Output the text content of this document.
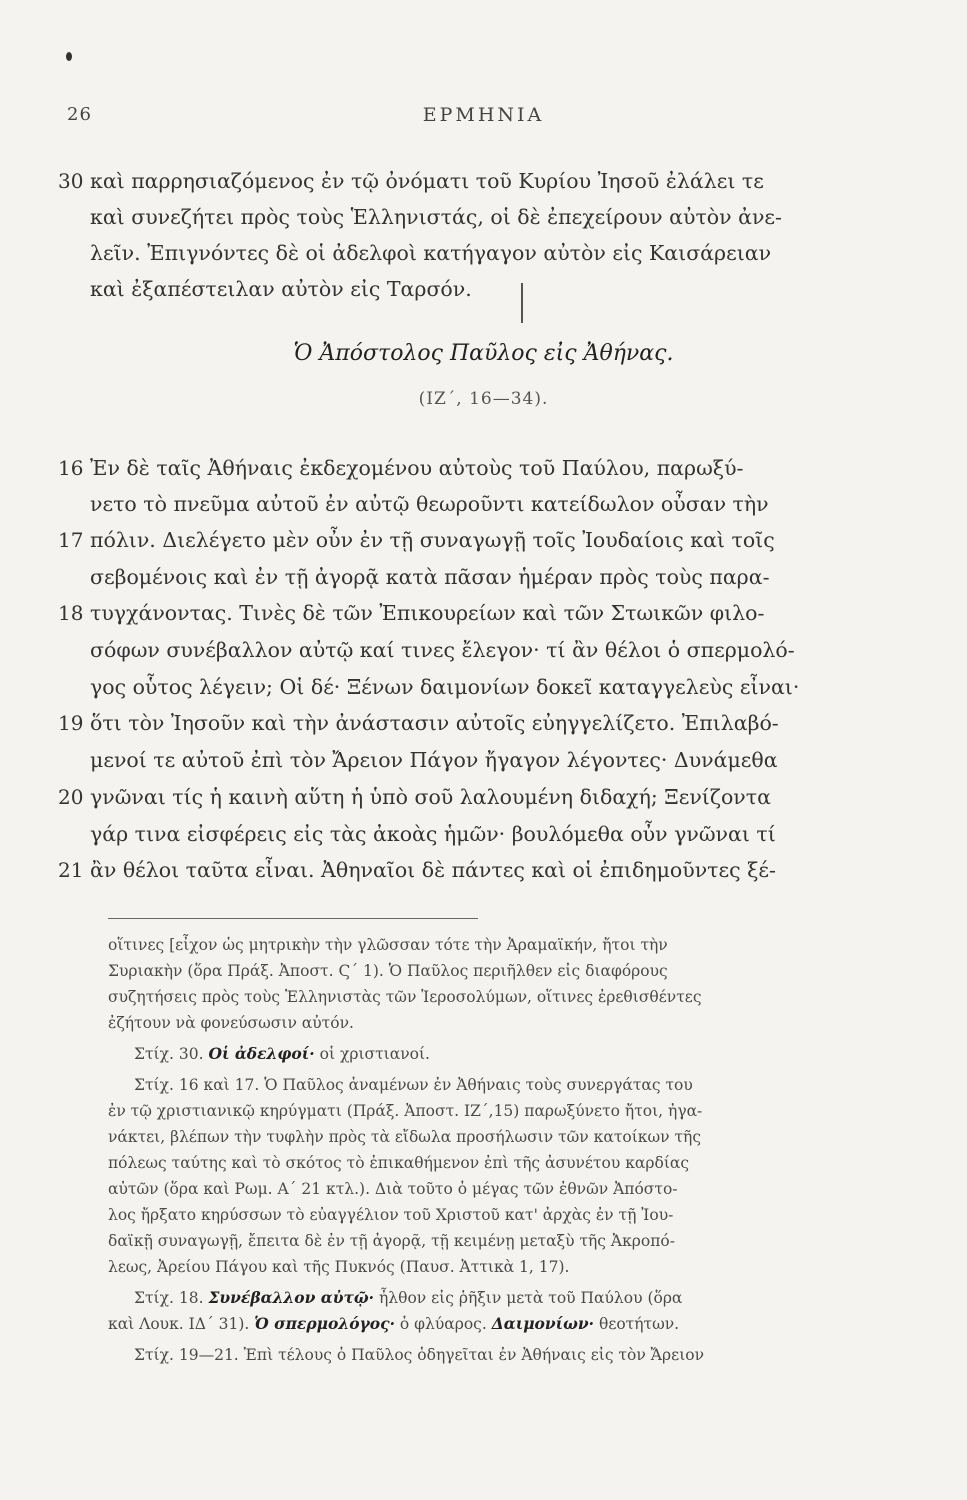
26	ΕΡΜΗΝΙΑ
30 καὶ παρρησιαζόμενος ἐν τῷ ὀνόματι τοῦ Κυρίου Ἰησοῦ ἐλάλει τε
καὶ συνεζήτει πρὸς τοὺς Ἑλληνιστάς, οἱ δὲ ἐπεχείρουν αὐτὸν ἀνε-
λεῖν. Ἐπιγνόντες δὲ οἱ ἀδελφοὶ κατήγαγον αὐτὸν εἰς Καισάρειαν
καὶ ἐξαπέστειλαν αὐτὸν εἰς Ταρσόν.
Ὁ Ἀπόστολος Παῦλος εἰς Ἀθήνας.
(ΙΖ΄, 16—34).
16 Ἐν δὲ ταῖς Ἀθήναις ἐκδεχομένου αὐτοὺς τοῦ Παύλου, παρωξύ-
νετο τὸ πνεῦμα αὐτοῦ ἐν αὐτῷ θεωροῦντι κατείδωλον οὖσαν τὴν
17 πόλιν. Διελέγετο μὲν οὖν ἐν τῇ συναγωγῇ τοῖς Ἰουδαίοις καὶ τοῖς
σεβομένοις καὶ ἐν τῇ ἀγορᾷ κατὰ πᾶσαν ἡμέραν πρὸς τοὺς παρα-
18 τυγχάνοντας. Τινὲς δὲ τῶν Ἐπικουρείων καὶ τῶν Στωικῶν φιλο-
σόφων συνέβαλλον αὐτῷ καί τινες ἔλεγον· τί ἂν θέλοι ὁ σπερμολό-
γος οὗτος λέγειν; Οἱ δέ· Ξένων δαιμονίων δοκεῖ καταγγελεὺς εἶναι·
19 ὅτι τὸν Ἰησοῦν καὶ τὴν ἀνάστασιν αὐτοῖς εὐηγγελίζετο. Ἐπιλαβό-
μενοί τε αὐτοῦ ἐπὶ τὸν Ἄρειον Πάγον ἤγαγον λέγοντες· Δυνάμεθα
20 γνῶναι τίς ἡ καινὴ αὕτη ἡ ὑπὸ σοῦ λαλουμένη διδαχή; Ξενίζοντα
γάρ τινα εἰσφέρεις εἰς τὰς ἀκοὰς ἡμῶν· βουλόμεθα οὖν γνῶναι τί
21 ἂν θέλοι ταῦτα εἶναι. Ἀθηναῖοι δὲ πάντες καὶ οἱ ἐπιδημοῦντες ξέ-
οἵτινες [εἶχον ὡς μητρικὴν τὴν γλῶσσαν τότε τὴν Ἀραμαϊκήν, ἤτοι τὴν
Συριακὴν (ὅρα Πράξ. Ἀποστ. Ϛ΄ 1). Ὁ Παῦλος περιῆλθεν εἰς διαφόρους
συζητήσεις πρὸς τοὺς Ἑλληνιστὰς τῶν Ἱεροσολύμων, οἵτινες ἐρεθισθέντες
ἐζήτουν νὰ φονεύσωσιν αὐτόν.
Στίχ. 30. Οἱ ἀδελφοί· οἱ χριστιανοί.
Στίχ. 16 καὶ 17. Ὁ Παῦλος ἀναμένων ἐν Ἀθήναις τοὺς συνεργάτας του
ἐν τῷ χριστιανικῷ κηρύγματι (Πράξ. Ἀποστ. ΙΖ΄,15) παρωξύνετο ἤτοι, ἠγα-
νάκτει, βλέπων τὴν τυφλὴν πρὸς τὰ εἴδωλα προσήλωσιν τῶν κατοίκων τῆς
πόλεως ταύτης καὶ τὸ σκότος τὸ ἐπικαθήμενον ἐπὶ τῆς ἀσυνέτου καρδίας
αὐτῶν (ὅρα καὶ Ρωμ. Α΄ 21 κτλ.). Διὰ τοῦτο ὁ μέγας τῶν ἐθνῶν Ἀπόστο-
λος ἤρξατο κηρύσσων τὸ εὐαγγέλιον τοῦ Χριστοῦ κατ' ἀρχὰς ἐν τῇ Ἰου-
δαϊκῇ συναγωγῇ, ἔπειτα δὲ ἐν τῇ ἀγορᾷ, τῇ κειμένῃ μεταξὺ τῆς Ἀκροπό-
λεως, Ἀρείου Πάγου καὶ τῆς Πυκνός (Παυσ. Ἀττικὰ 1, 17).
Στίχ. 18. Συνέβαλλον αὐτῷ· ἦλθον εἰς ῥῆξιν μετὰ τοῦ Παύλου (ὅρα
καὶ Λουκ. ΙΔ΄ 31). Ὁ σπερμολόγος· ὁ φλύαρος. Δαιμονίων· θεοτήτων.
Στίχ. 19—21. Ἐπὶ τέλους ὁ Παῦλος ὁδηγεῖται ἐν Ἀθήναις εἰς τὸν Ἄρειον
